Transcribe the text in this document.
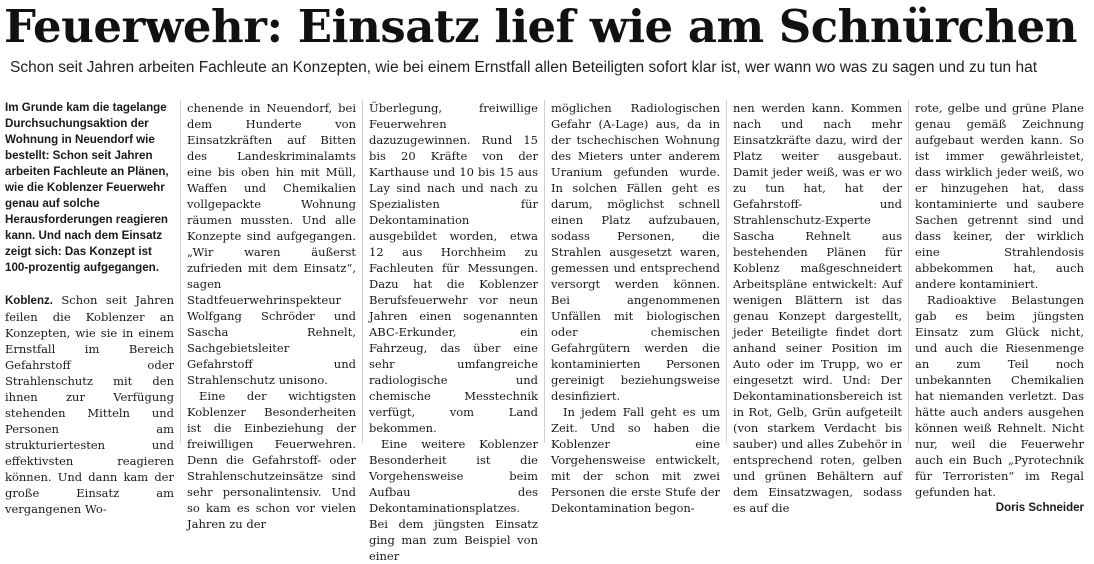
Feuerwehr: Einsatz lief wie am Schnürchen
Schon seit Jahren arbeiten Fachleute an Konzepten, wie bei einem Ernstfall allen Beteiligten sofort klar ist, wer wann wo was zu sagen und zu tun hat

Im Grunde kam die tagelange Durchsuchungsaktion der Wohnung in Neuendorf wie bestellt: Schon seit Jahren arbeiten Fachleute an Plänen, wie die Koblenzer Feuerwehr genau auf solche Herausforderungen reagieren kann. Und nach dem Einsatz zeigt sich: Das Konzept ist 100-prozentig aufgegangen.

Koblenz. Schon seit Jahren feilen die Koblenzer an Konzepten, wie sie in einem Ernstfall im Bereich Gefahrstoff oder Strahlenschutz mit den ihnen zur Verfügung stehenden Mitteln und Personen am strukturiertesten und effektivsten reagieren können. Und dann kam der große Einsatz am vergangenen Wo-

chenende in Neuendorf, bei dem Hunderte von Einsatzkräften auf Bitten des Landeskriminalamts eine bis oben hin mit Müll, Waffen und Chemikalien vollgepackte Wohnung räumen mussten. Und alle Konzepte sind aufgegangen. „Wir waren äußerst zufrieden mit dem Einsatz“, sagen Stadtfeuerwehrinspekteur Wolfgang Schröder und Sascha Rehnelt, Sachgebietsleiter Gefahrstoff und Strahlenschutz unisono.

Eine der wichtigsten Koblenzer Besonderheiten ist die Einbeziehung der freiwilligen Feuerwehren. Denn die Gefahrstoff- oder Strahlenschutzeinsätze sind sehr personalintensiv. Und so kam es schon vor vielen Jahren zu der

Überlegung, freiwillige Feuerwehren dazuzugewinnen. Rund 15 bis 20 Kräfte von der Karthause und 10 bis 15 aus Lay sind nach und nach zu Spezialisten für Dekontamination ausgebildet worden, etwa 12 aus Horchheim zu Fachleuten für Messungen. Dazu hat die Koblenzer Berufsfeuerwehr vor neun Jahren einen sogenannten ABC-Erkunder, ein Fahrzeug, das über eine sehr umfangreiche radiologische und chemische Messtechnik verfügt, vom Land bekommen.

Eine weitere Koblenzer Besonderheit ist die Vorgehensweise beim Aufbau des Dekontaminationsplatzes. Bei dem jüngsten Einsatz ging man zum Beispiel von einer

möglichen Radiologischen Gefahr (A-Lage) aus, da in der tschechischen Wohnung des Mieters unter anderem Uranium gefunden wurde. In solchen Fällen geht es darum, möglichst schnell einen Platz aufzubauen, sodass Personen, die Strahlen ausgesetzt waren, gemessen und entsprechend versorgt werden können. Bei angenommenen Unfällen mit biologischen oder chemischen Gefahrgütern werden die kontaminierten Personen gereinigt beziehungsweise desinfiziert.

In jedem Fall geht es um Zeit. Und so haben die Koblenzer eine Vorgehensweise entwickelt, mit der schon mit zwei Personen die erste Stufe der Dekontamination begon-

nen werden kann. Kommen nach und nach mehr Einsatzkräfte dazu, wird der Platz weiter ausgebaut. Damit jeder weiß, was er wo zu tun hat, hat der Gefahrstoff- und Strahlenschutz-Experte Sascha Rehnelt aus bestehenden Plänen für Koblenz maßgeschneidert Arbeitspläne entwickelt: Auf wenigen Blättern ist das genau Konzept dargestellt, jeder Beteiligte findet dort anhand seiner Position im Auto oder im Trupp, wo er eingesetzt wird. Und: Der Dekontaminationsbereich ist in Rot, Gelb, Grün aufgeteilt (von starkem Verdacht bis sauber) und alles Zubehör in entsprechend roten, gelben und grünen Behältern auf dem Einsatzwagen, sodass es auf die

rote, gelbe und grüne Plane genau gemäß Zeichnung aufgebaut werden kann. So ist immer gewährleistet, dass wirklich jeder weiß, wo er hinzugehen hat, dass kontaminierte und saubere Sachen getrennt sind und dass keiner, der wirklich eine Strahlendosis abbekommen hat, auch andere kontaminiert.

Radioaktive Belastungen gab es beim jüngsten Einsatz zum Glück nicht, und auch die Riesenmenge an zum Teil noch unbekannten Chemikalien hat niemanden verletzt. Das hätte auch anders ausgehen können weiß Rehnelt. Nicht nur, weil die Feuerwehr auch ein Buch „Pyrotechnik für Terroristen“ im Regal gefunden hat.
Doris Schneider
